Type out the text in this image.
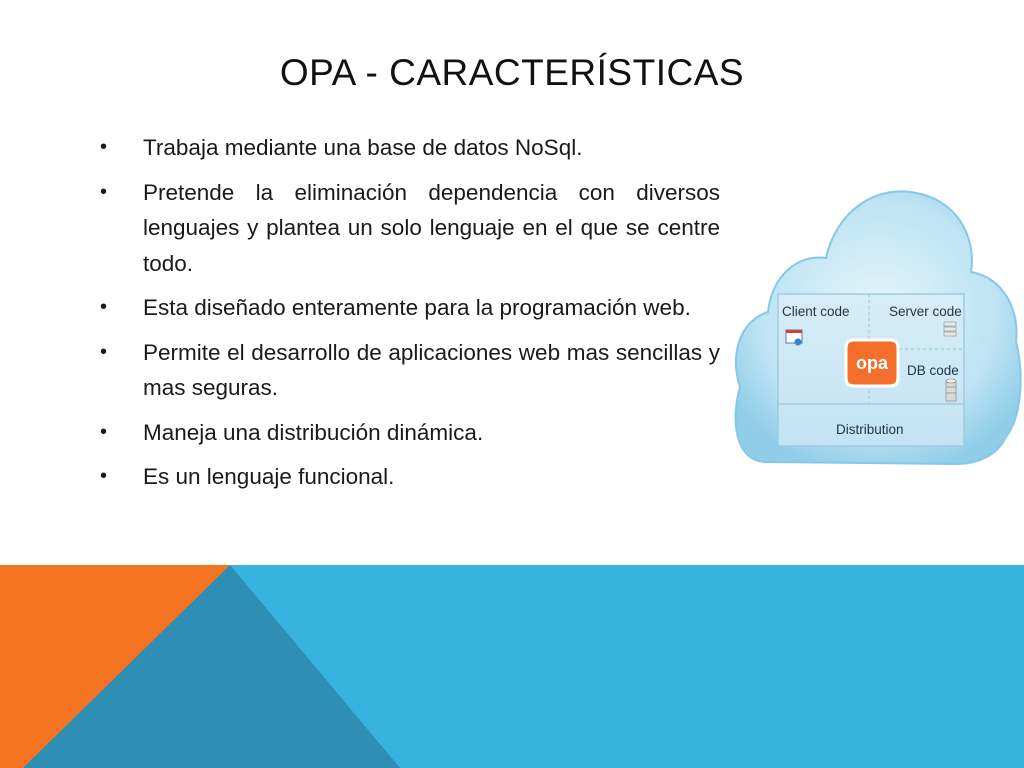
OPA - CARACTERÍSTICAS
• Trabaja mediante una base de datos NoSql.
• Pretende la eliminación dependencia con diversos lenguajes y plantea un solo lenguaje en el que se centre todo.
• Esta diseñado enteramente para la programación web.
• Permite el desarrollo de aplicaciones web mas sencillas y mas seguras.
• Maneja una distribución dinámica.
• Es un lenguaje funcional.
Client code	Server code
DB code
Distribution
opa
